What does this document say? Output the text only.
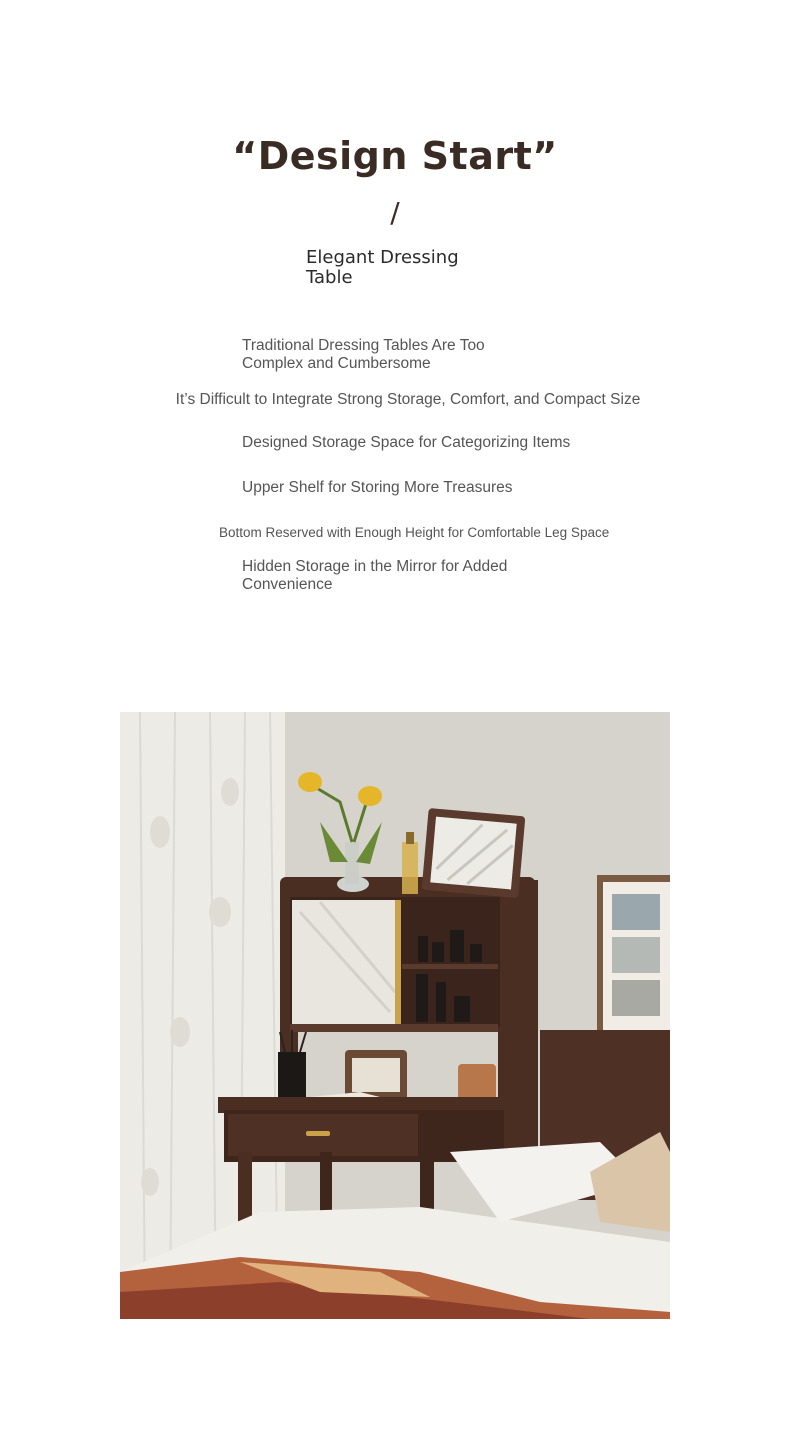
“Design Start”
/
Elegant Dressing Table
Traditional Dressing Tables Are Too Complex and Cumbersome
It’s Difficult to Integrate Strong Storage, Comfort, and Compact Size
Designed Storage Space for Categorizing Items
Upper Shelf for Storing More Treasures
Bottom Reserved with Enough Height for Comfortable Leg Space
Hidden Storage in the Mirror for Added Convenience
